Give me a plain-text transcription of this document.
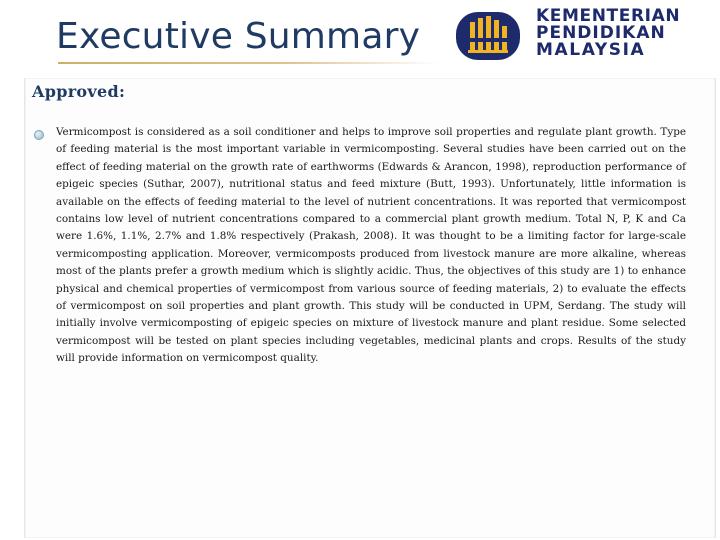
Executive Summary	KEMENTERIAN
PENDIDIKAN
MALAYSIA
Approved:

Vermicompost is considered as a soil conditioner and helps to improve soil properties and regulate plant growth. Type of feeding material is the most important variable in vermicomposting. Several studies have been carried out on the effect of feeding material on the growth rate of earthworms (Edwards & Arancon, 1998), reproduction performance of epigeic species (Suthar, 2007), nutritional status and feed mixture (Butt, 1993). Unfortunately, little information is available on the effects of feeding material to the level of nutrient concentrations. It was reported that vermicompost contains low level of nutrient concentrations compared to a commercial plant growth medium. Total N, P, K and Ca were 1.6%, 1.1%, 2.7% and 1.8% respectively (Prakash, 2008). It was thought to be a limiting factor for large-scale vermicomposting application. Moreover, vermicomposts produced from livestock manure are more alkaline, whereas most of the plants prefer a growth medium which is slightly acidic. Thus, the objectives of this study are 1) to enhance physical and chemical properties of vermicompost from various source of feeding materials, 2) to evaluate the effects of vermicompost on soil properties and plant growth. This study will be conducted in UPM, Serdang. The study will initially involve vermicomposting of epigeic species on mixture of livestock manure and plant residue. Some selected vermicompost will be tested on plant species including vegetables, medicinal plants and crops. Results of the study will provide information on vermicompost quality.
